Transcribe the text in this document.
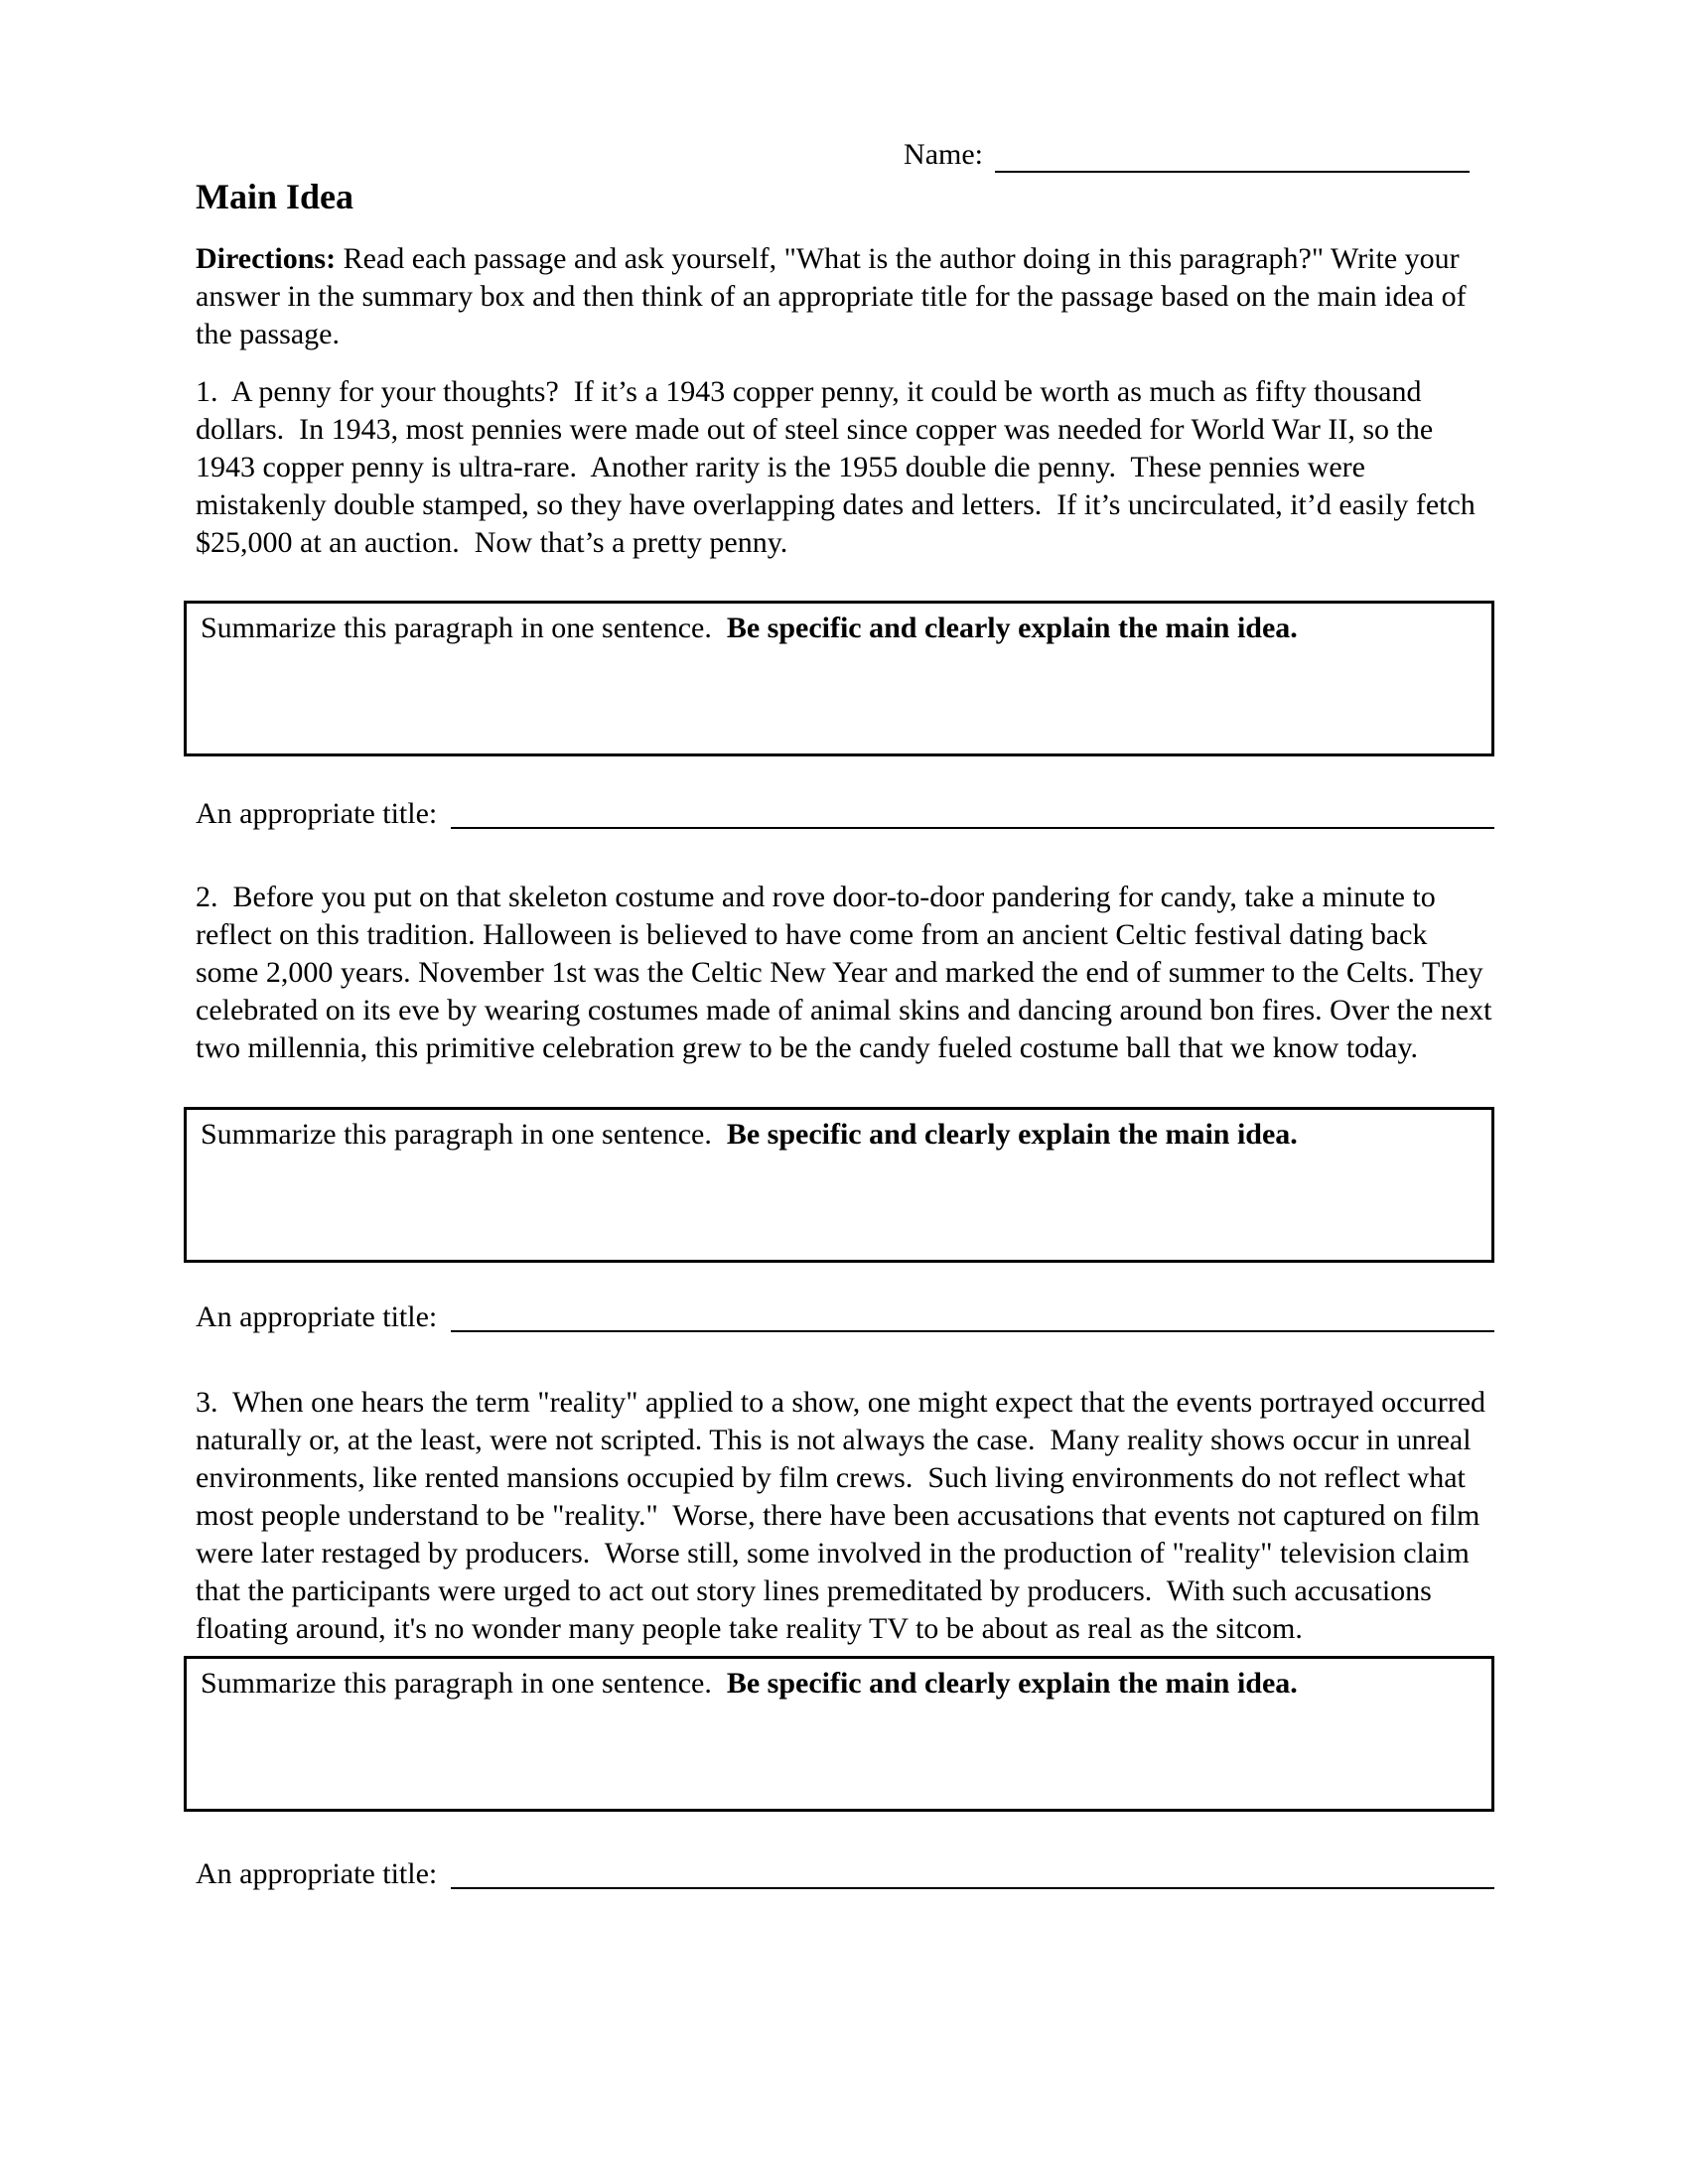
Name:
Main Idea

Directions: Read each passage and ask yourself, "What is the author doing in this paragraph?" Write your answer in the summary box and then think of an appropriate title for the passage based on the main idea of the passage.

1.  A penny for your thoughts?  If it’s a 1943 copper penny, it could be worth as much as fifty thousand dollars.  In 1943, most pennies were made out of steel since copper was needed for World War II, so the 1943 copper penny is ultra-rare.  Another rarity is the 1955 double die penny.  These pennies were mistakenly double stamped, so they have overlapping dates and letters.  If it’s uncirculated, it’d easily fetch $25,000 at an auction.  Now that’s a pretty penny.

Summarize this paragraph in one sentence.  Be specific and clearly explain the main idea.

An appropriate title:

2.  Before you put on that skeleton costume and rove door-to-door pandering for candy, take a minute to reflect on this tradition. Halloween is believed to have come from an ancient Celtic festival dating back some 2,000 years. November 1st was the Celtic New Year and marked the end of summer to the Celts. They celebrated on its eve by wearing costumes made of animal skins and dancing around bon fires. Over the next two millennia, this primitive celebration grew to be the candy fueled costume ball that we know today.

Summarize this paragraph in one sentence.  Be specific and clearly explain the main idea.

An appropriate title:

3.  When one hears the term "reality" applied to a show, one might expect that the events portrayed occurred naturally or, at the least, were not scripted. This is not always the case.  Many reality shows occur in unreal environments, like rented mansions occupied by film crews.  Such living environments do not reflect what most people understand to be "reality."  Worse, there have been accusations that events not captured on film were later restaged by producers.  Worse still, some involved in the production of "reality" television claim that the participants were urged to act out story lines premeditated by producers.  With such accusations floating around, it's no wonder many people take reality TV to be about as real as the sitcom.

Summarize this paragraph in one sentence.  Be specific and clearly explain the main idea.

An appropriate title:
